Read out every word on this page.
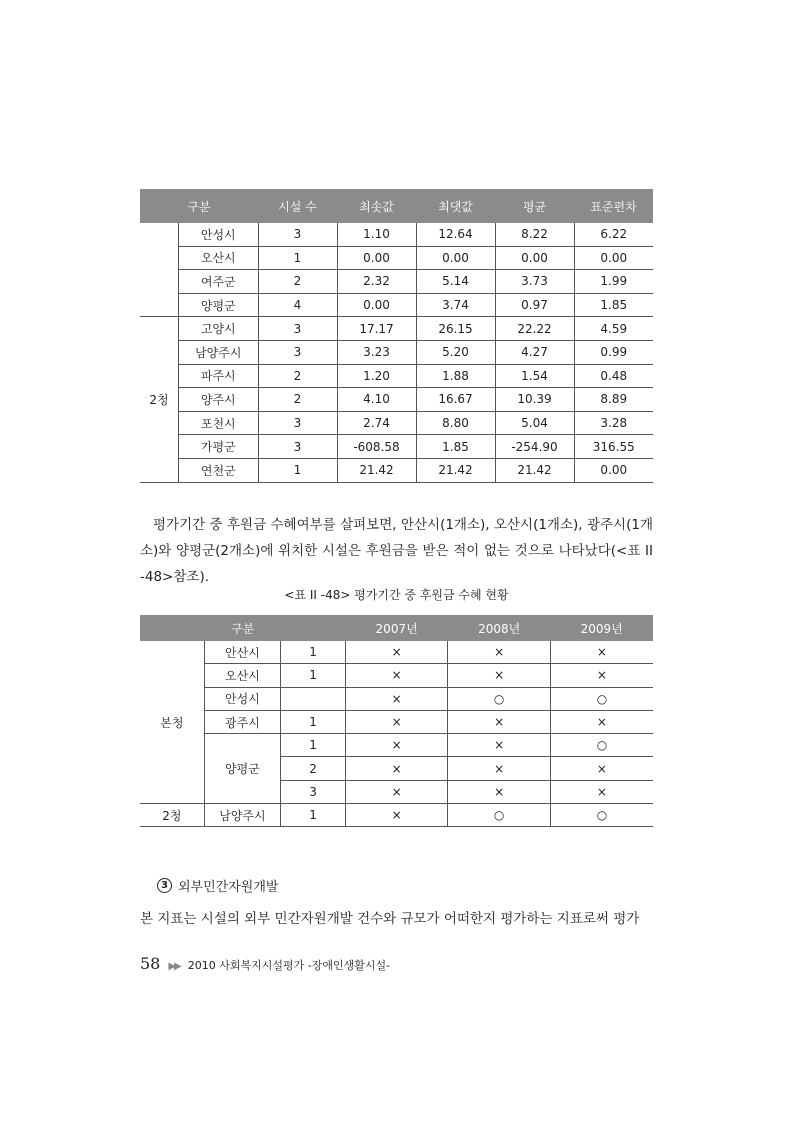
구분		시설 수	최솟값	최댓값	평균	표준편차
	안성시	3	1.10	12.64	8.22	6.22
	오산시	1	0.00	0.00	0.00	0.00
	여주군	2	2.32	5.14	3.73	1.99
	양평군	4	0.00	3.74	0.97	1.85
2청	고양시	3	17.17	26.15	22.22	4.59
	남양주시	3	3.23	5.20	4.27	0.99
	파주시	2	1.20	1.88	1.54	0.48
	양주시	2	4.10	16.67	10.39	8.89
	포천시	3	2.74	8.80	5.04	3.28
	가평군	3	-608.58	1.85	-254.90	316.55
	연천군	1	21.42	21.42	21.42	0.00

평가기간 중 후원금 수혜여부를 살펴보면, 안산시(1개소), 오산시(1개소), 광주시(1개소)와 양평군(2개소)에 위치한 시설은 후원금을 받은 적이 없는 것으로 나타났다(<표 II -48>참조).

<표 II -48> 평가기간 중 후원금 수혜 현황
구분			2007년	2008년	2009년
본청	안산시	1	×	×	×
	오산시	1	×	×	×
	안성시		×	○	○
	광주시	1	×	×	×
	양평군	1	×	×	○
		2	×	×	×
		3	×	×	×
2청	남양주시	1	×	○	○
3 외부민간자원개발

본 지표는 시설의 외부 민간자원개발 건수와 규모가 어떠한지 평가하는 지표로써 평가

58 ▶▶ 2010 사회복지시설평가 -장애인생활시설-
